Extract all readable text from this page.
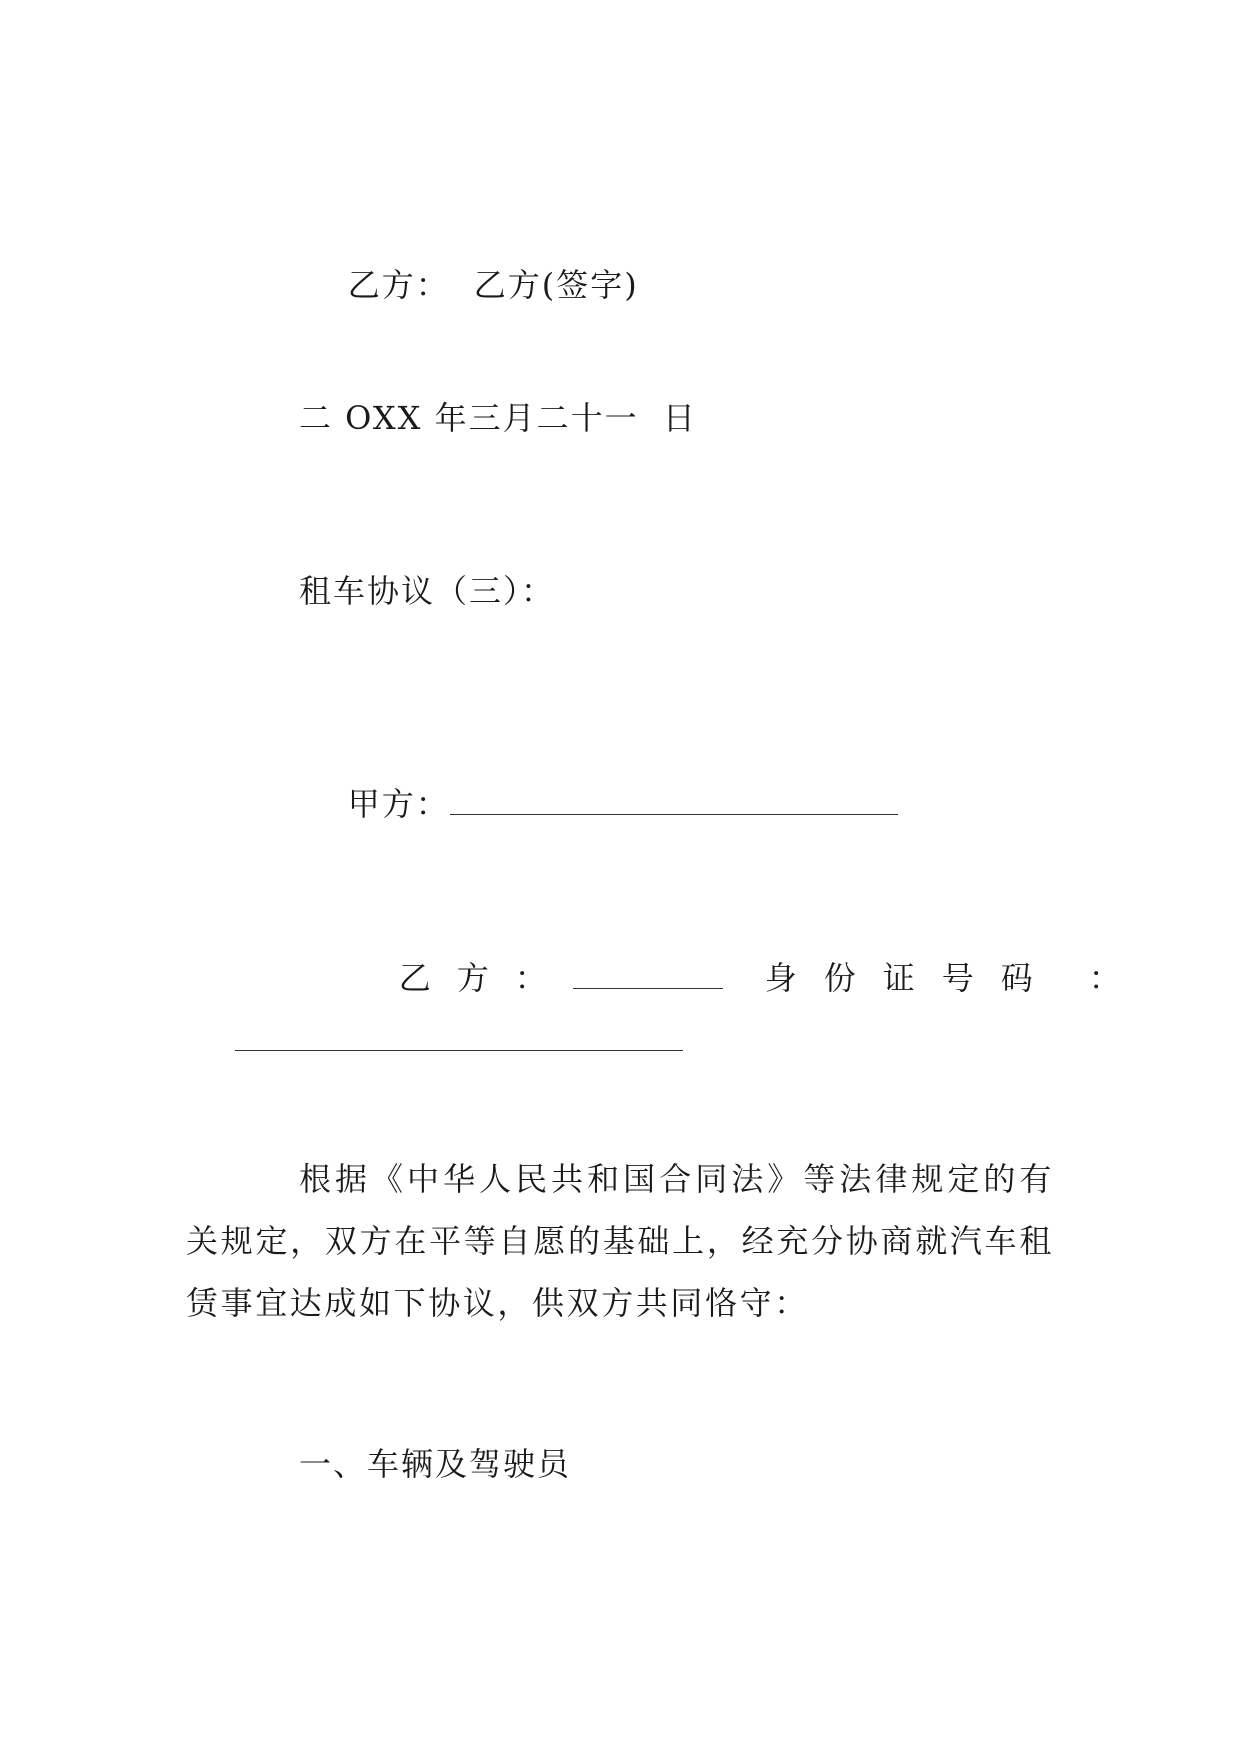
乙方： 乙方(签字)

二 OXX 年三月二十一  日
租车协议（三）：

甲方：

乙 方 ：	身 份 证 号 码 ：

根据《中华人民共和国合同法》等法律规定的有关规定，双方在平等自愿的基础上，经充分协商就汽车租赁事宜达成如下协议，供双方共同恪守：
一、车辆及驾驶员
